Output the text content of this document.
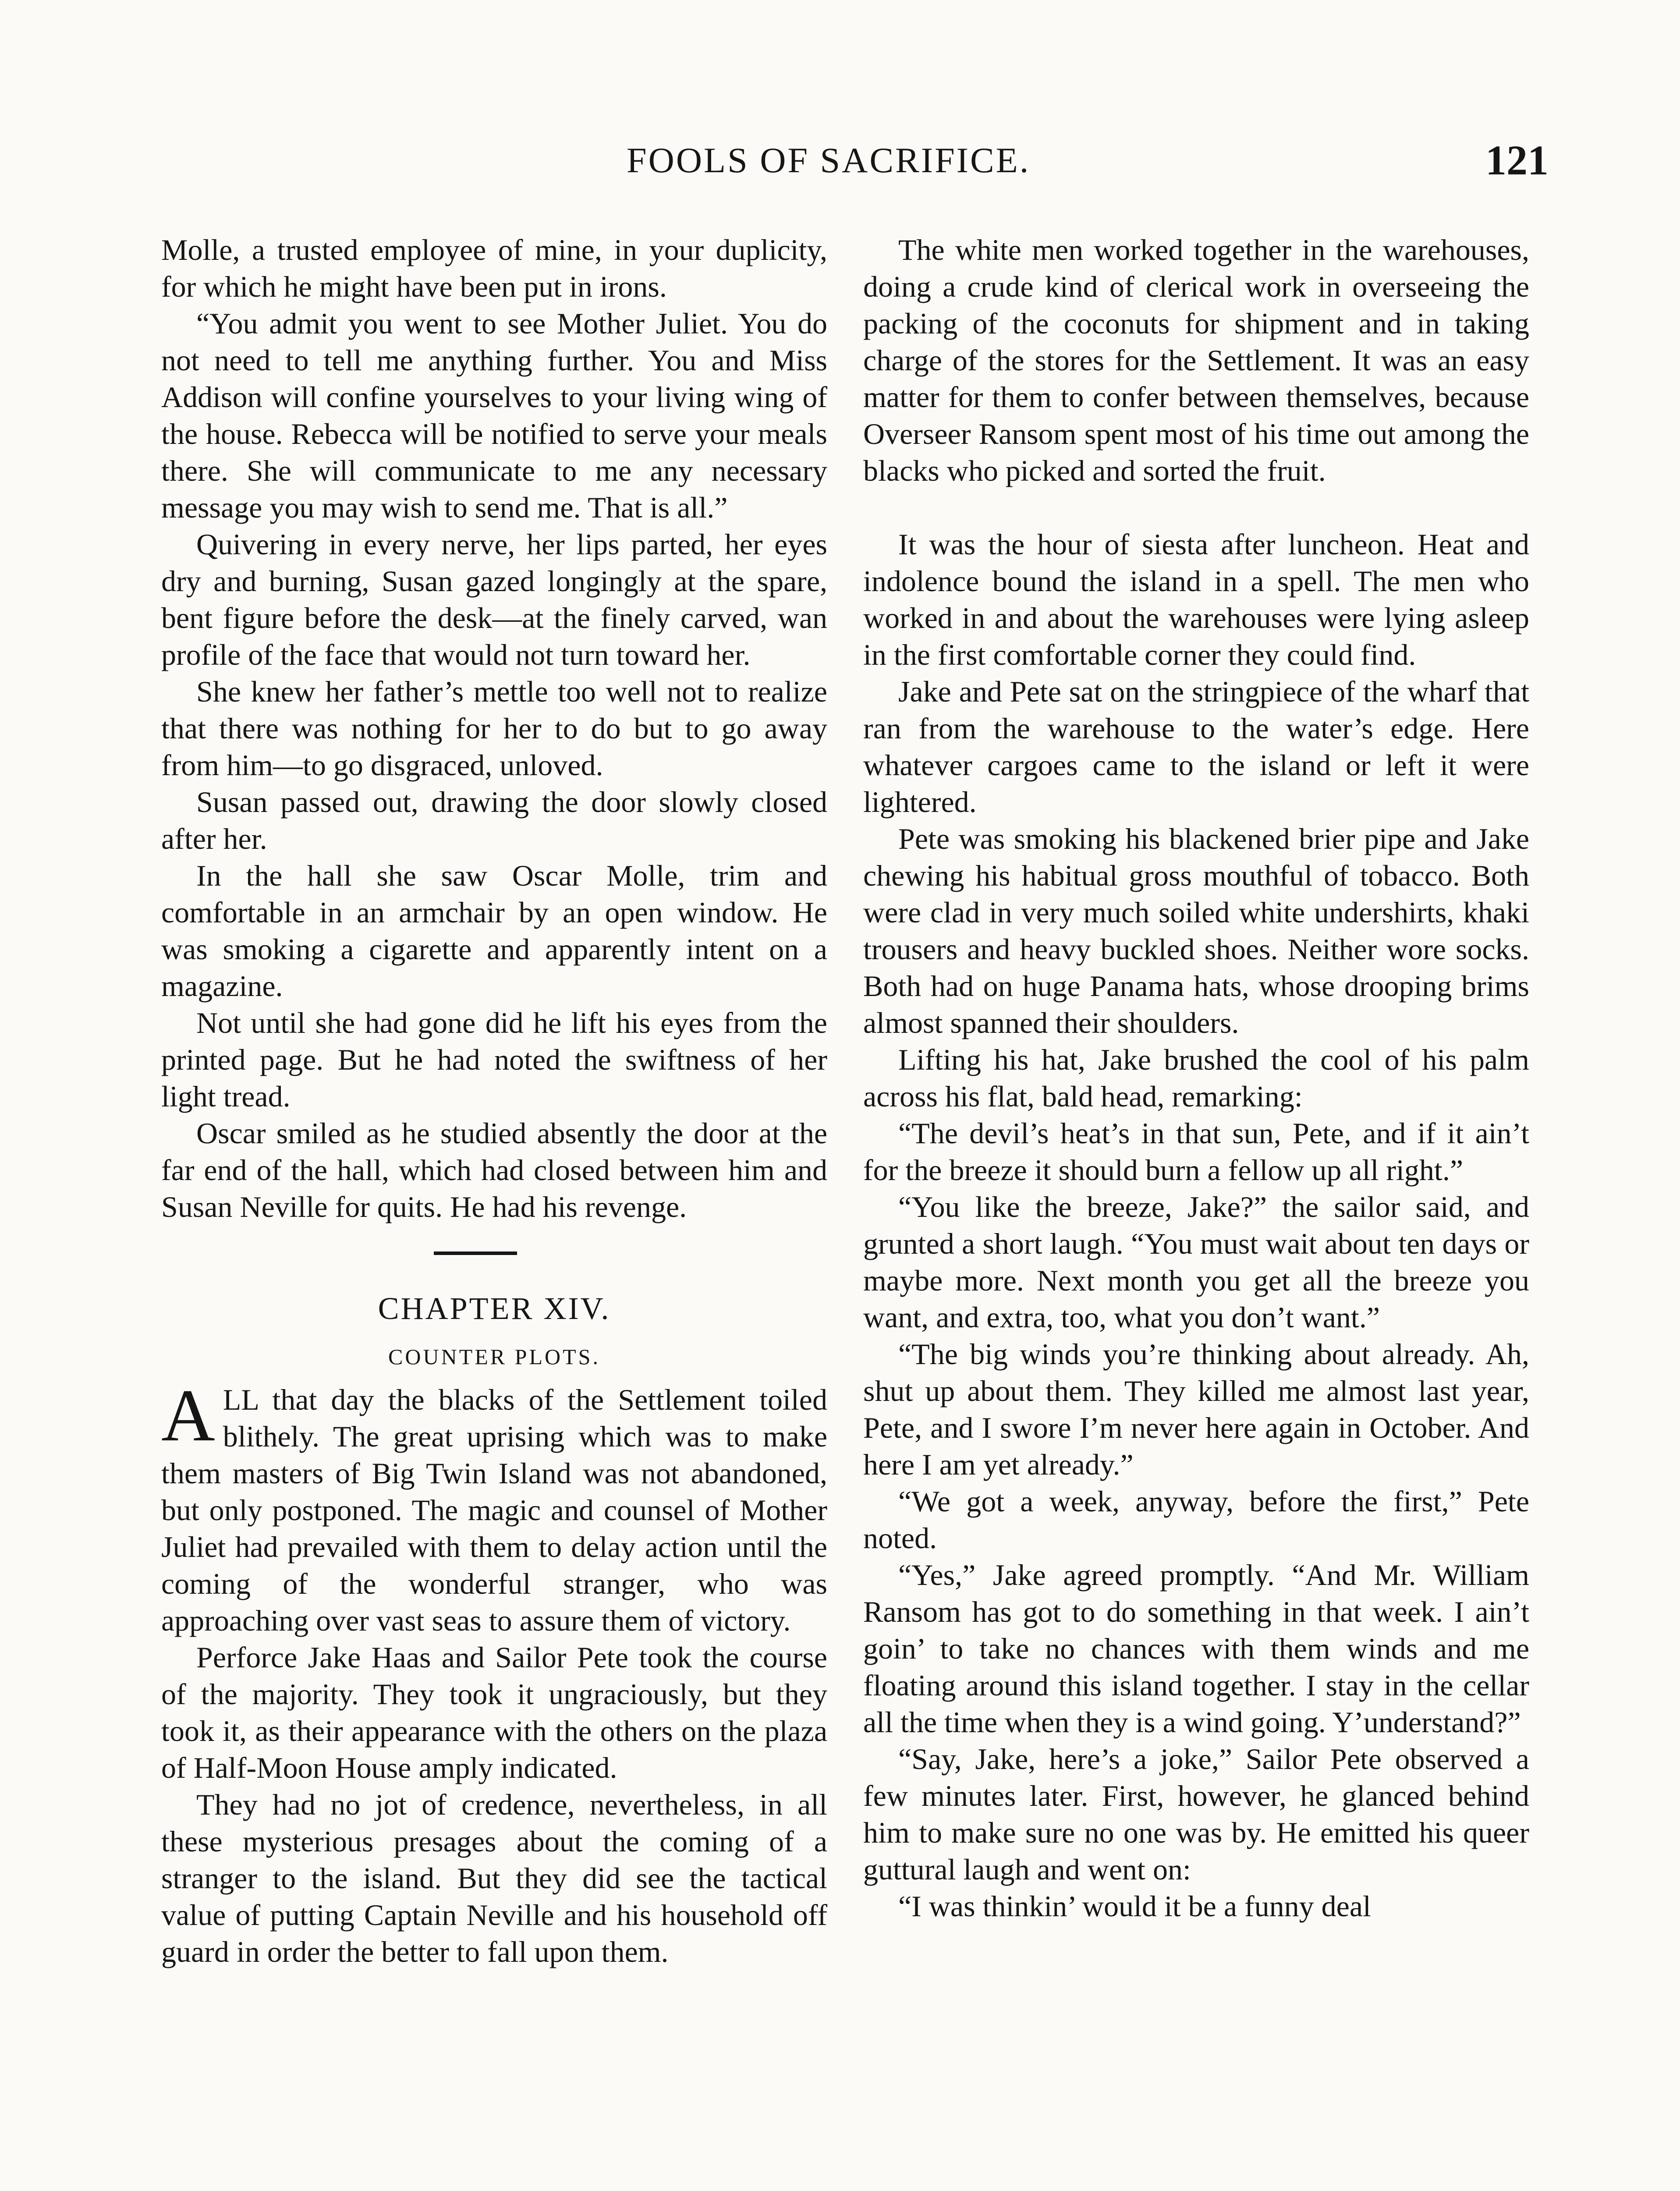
FOOLS OF SACRIFICE.	121

Molle, a trusted employee of mine, in your duplicity, for which he might have been put in irons.

“You admit you went to see Mother Juliet. You do not need to tell me anything further. You and Miss Addison will confine yourselves to your living wing of the house. Rebecca will be notified to serve your meals there. She will communicate to me any necessary message you may wish to send me. That is all.”

Quivering in every nerve, her lips parted, her eyes dry and burning, Susan gazed longingly at the spare, bent figure before the desk—at the finely carved, wan profile of the face that would not turn toward her.

She knew her father’s mettle too well not to realize that there was nothing for her to do but to go away from him—to go disgraced, unloved.

Susan passed out, drawing the door slowly closed after her.

In the hall she saw Oscar Molle, trim and comfortable in an armchair by an open window. He was smoking a cigarette and apparently intent on a magazine.

Not until she had gone did he lift his eyes from the printed page. But he had noted the swiftness of her light tread.

Oscar smiled as he studied absently the door at the far end of the hall, which had closed between him and Susan Neville for quits. He had his revenge.

CHAPTER XIV.
COUNTER PLOTS.

ALL that day the blacks of the Settlement toiled blithely. The great uprising which was to make them masters of Big Twin Island was not abandoned, but only postponed. The magic and counsel of Mother Juliet had prevailed with them to delay action until the coming of the wonderful stranger, who was approaching over vast seas to assure them of victory.

Perforce Jake Haas and Sailor Pete took the course of the majority. They took it ungraciously, but they took it, as their appearance with the others on the plaza of Half-Moon House amply indicated.

They had no jot of credence, nevertheless, in all these mysterious presages about the coming of a stranger to the island. But they did see the tactical value of putting Captain Neville and his household off guard in order the better to fall upon them.

The white men worked together in the warehouses, doing a crude kind of clerical work in overseeing the packing of the coconuts for shipment and in taking charge of the stores for the Settlement. It was an easy matter for them to confer between themselves, because Overseer Ransom spent most of his time out among the blacks who picked and sorted the fruit.

It was the hour of siesta after luncheon. Heat and indolence bound the island in a spell. The men who worked in and about the warehouses were lying asleep in the first comfortable corner they could find.

Jake and Pete sat on the stringpiece of the wharf that ran from the warehouse to the water’s edge. Here whatever cargoes came to the island or left it were lightered.

Pete was smoking his blackened brier pipe and Jake chewing his habitual gross mouthful of tobacco. Both were clad in very much soiled white undershirts, khaki trousers and heavy buckled shoes. Neither wore socks. Both had on huge Panama hats, whose drooping brims almost spanned their shoulders.

Lifting his hat, Jake brushed the cool of his palm across his flat, bald head, remarking:

“The devil’s heat’s in that sun, Pete, and if it ain’t for the breeze it should burn a fellow up all right.”

“You like the breeze, Jake?” the sailor said, and grunted a short laugh. “You must wait about ten days or maybe more. Next month you get all the breeze you want, and extra, too, what you don’t want.”

“The big winds you’re thinking about already. Ah, shut up about them. They killed me almost last year, Pete, and I swore I’m never here again in October. And here I am yet already.”

“We got a week, anyway, before the first,” Pete noted.

“Yes,” Jake agreed promptly. “And Mr. William Ransom has got to do something in that week. I ain’t goin’ to take no chances with them winds and me floating around this island together. I stay in the cellar all the time when they is a wind going. Y’understand?”

“Say, Jake, here’s a joke,” Sailor Pete observed a few minutes later. First, however, he glanced behind him to make sure no one was by. He emitted his queer guttural laugh and went on:

“I was thinkin’ would it be a funny deal
